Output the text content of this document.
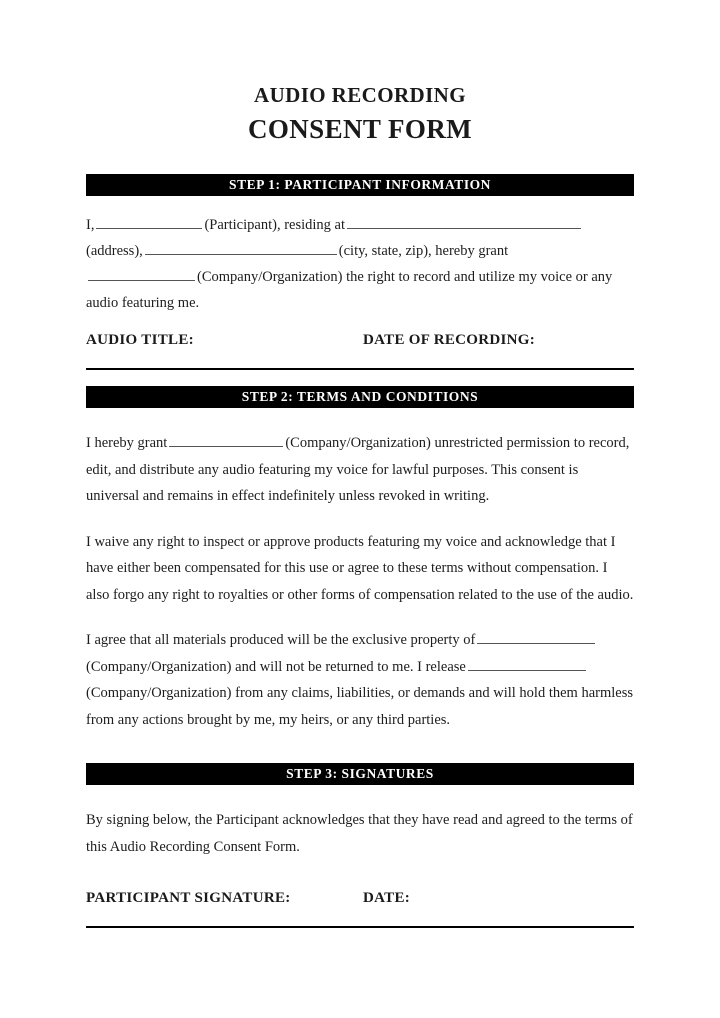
AUDIO RECORDING
CONSENT FORM
STEP 1: PARTICIPANT INFORMATION
I,	(Participant), residing at
(address),	(city, state, zip), hereby grant
(Company/Organization) the right to record and utilize my voice or any
audio featuring me.
AUDIO TITLE:	DATE OF RECORDING:
STEP 2: TERMS AND CONDITIONS
I hereby grant	(Company/Organization) unrestricted permission to record, edit, and distribute any audio featuring my voice for lawful purposes. This consent is universal and remains in effect indefinitely unless revoked in writing.
I waive any right to inspect or approve products featuring my voice and acknowledge that I have either been compensated for this use or agree to these terms without compensation. I also forgo any right to royalties or other forms of compensation related to the use of the audio.
I agree that all materials produced will be the exclusive property of(Company/Organization) and will not be returned to me. I release(Company/Organization) from any claims, liabilities, or demands and will hold them harmless from any actions brought by me, my heirs, or any third parties.
STEP 3: SIGNATURES
By signing below, the Participant acknowledges that they have read and agreed to the terms of this Audio Recording Consent Form.
PARTICIPANT SIGNATURE:	DATE:
